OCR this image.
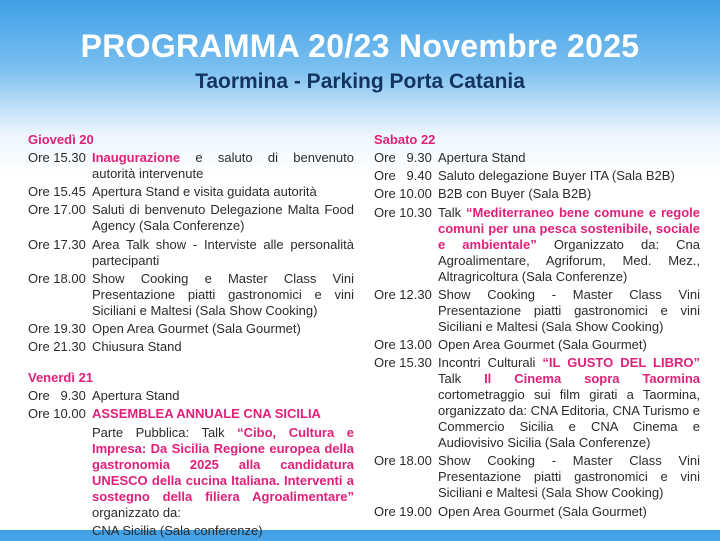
PROGRAMMA 20/23 Novembre 2025
Taormina - Parking Porta Catania
Giovedì 20
Ore 15.30 Inaugurazione e saluto di benvenuto autorità intervenute
Ore 15.45 Apertura Stand e visita guidata autorità
Ore 17.00 Saluti di benvenuto Delegazione Malta Food Agency (Sala Conferenze)
Ore 17.30 Area Talk show - Interviste alle personalità partecipanti
Ore 18.00 Show Cooking e Master Class Vini Presentazione piatti gastronomici e vini Siciliani e Maltesi (Sala Show Cooking)
Ore 19.30 Open Area Gourmet (Sala Gourmet)
Ore 21.30 Chiusura Stand
Venerdì 21
Ore   9.30 Apertura Stand
Ore 10.00 ASSEMBLEA ANNUALE CNA SICILIA
Parte Pubblica: Talk “Cibo, Cultura e Impresa: Da Sicilia Regione europea della gastronomia 2025 alla candidatura UNESCO della cucina Italiana. Interventi a sostegno della filiera Agroalimentare” organizzato da:
CNA Sicilia (Sala conferenze)
Sabato 22
Ore   9.30 Apertura Stand
Ore   9.40 Saluto delegazione Buyer ITA (Sala B2B)
Ore 10.00 B2B con Buyer (Sala B2B)
Ore 10.30 Talk “Mediterraneo bene comune e regole comuni per una pesca sostenibile, sociale e ambientale” Organizzato da: Cna Agroalimentare, Agriforum, Med. Mez., Altragricoltura (Sala Conferenze)
Ore 12.30 Show Cooking - Master Class Vini Presentazione piatti gastronomici e vini Siciliani e Maltesi (Sala Show Cooking)
Ore 13.00 Open Area Gourmet (Sala Gourmet)
Ore 15.30 Incontri Culturali “IL GUSTO DEL LIBRO” Talk Il Cinema sopra Taormina cortometraggio sui film girati a Taormina, organizzato da: CNA Editoria, CNA Turismo e Commercio Sicilia e CNA Cinema e Audiovisivo Sicilia (Sala Conferenze)
Ore 18.00 Show Cooking - Master Class Vini Presentazione piatti gastronomici e vini Siciliani e Maltesi (Sala Show Cooking)
Ore 19.00 Open Area Gourmet (Sala Gourmet)
